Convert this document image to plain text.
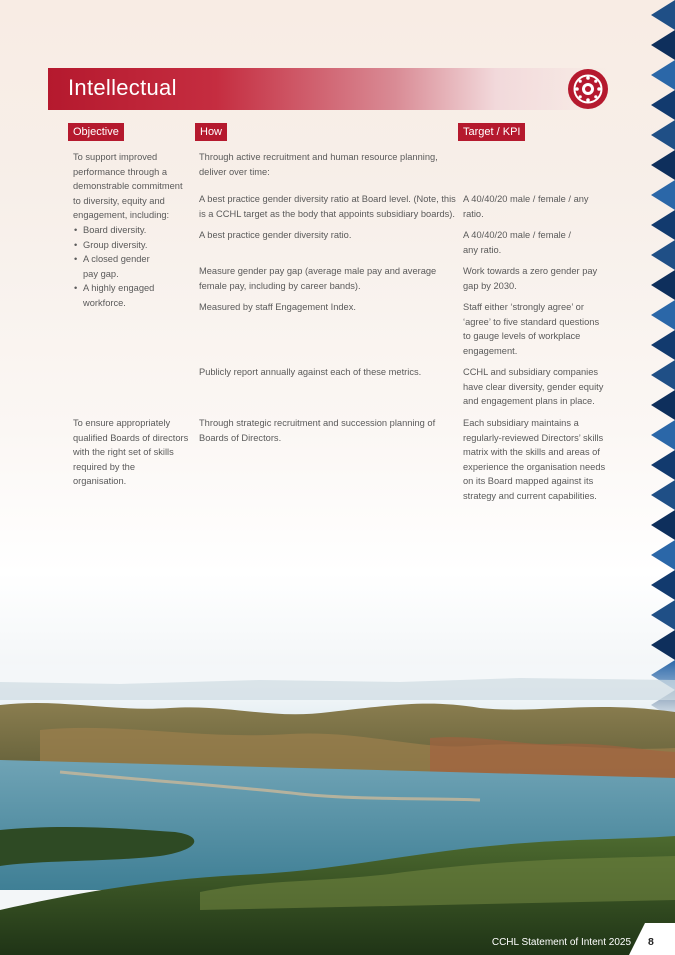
Intellectual
Objective	How	Target / KPI

To support improved performance through a demonstrable commitment to diversity, equity and engagement, including:

• Board diversity.
• Group diversity.
• A closed gender pay gap.
• A highly engaged workforce.
Through active recruitment and human resource planning, deliver over time:
A best practice gender diversity ratio at Board level. (Note, this is a CCHL target as the body that appoints subsidiary boards).
A best practice gender diversity ratio.
Measure gender pay gap (average male pay and average female pay, including by career bands).
Measured by staff Engagement Index.
Publicly report annually against each of these metrics.
A 40/40/20 male / female / any ratio.
A 40/40/20 male / female / any ratio.
Work towards a zero gender pay gap by 2030.
Staff either ‘strongly agree’ or ‘agree’ to five standard questions to gauge levels of workplace engagement.
CCHL and subsidiary companies have clear diversity, gender equity and engagement plans in place.
To ensure appropriately qualified Boards of directors with the right set of skills required by the organisation.
Through strategic recruitment and succession planning of Boards of Directors.
Each subsidiary maintains a regularly-reviewed Directors’ skills matrix with the skills and areas of experience the organisation needs on its Board mapped against its strategy and current capabilities.
CCHL Statement of Intent 2025 8
